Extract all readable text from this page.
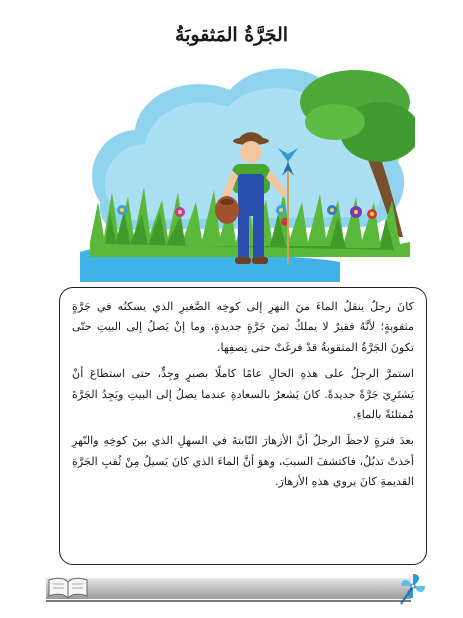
الجَرَّةُ المَثقوبَةُ

كانَ رجلٌ ينقلُ الماءَ منَ النهرِ إلى كوخِه الصَّغيرِ الذي يسكنُه في جَرَّةٍ مثقوبةٍ؛ لأنَّهُ فقيرٌ لا يملكُ ثمنَ جَرَّةٍ جديدةٍ، وما إنْ يَصلُ إلى البيتِ حتّى تكونَ الجَرَّةُ المثقوبةُ قدْ فرغَتْ حتى نِصفِها.

استمرَّ الرجلُ على هذهِ الحالِ عامًا كاملًا بصبرٍ وجِدٍّ، حتى استطاعَ أنْ يَشتَرِيَ جَرَّةً جديدةً. كانَ يَشعرُ بالسعادةِ عندما يصلُ إلى البيتِ ويَجِدُ الجَرَّةَ مُمتلئةً بالماءِ.

بعدَ فترةٍ لاحظَ الرجلُ أنَّ الأزهارَ النّابتةَ في السهلِ الذي بينَ كوخِهِ والنّهرِ أخذتْ تذبُلُ، فاكتشفَ السببَ، وهوَ أنَّ الماءَ الذي كانَ يَسيلُ مِنْ ثُقبِ الجَرَّةِ القديمةِ كانَ يروي هذهِ الأزهارَ.
